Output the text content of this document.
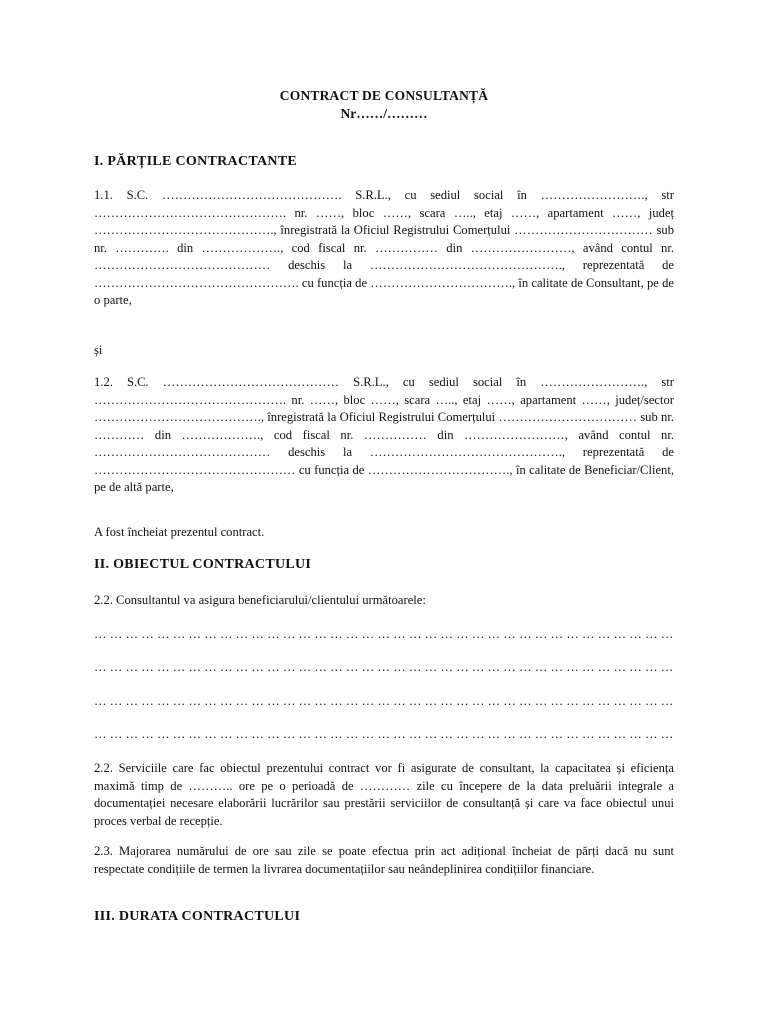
CONTRACT DE CONSULTANȚĂ

Nr……/………

I. PĂRȚILE CONTRACTANTE

1.1. S.C. ……………………………………. S.R.L., cu sediul social în ……………………., str ………………………………………. nr. ……, bloc ……, scara ….., etaj ……, apartament ……, județ ……………………………………., înregistrată la Oficiul Registrului Comerțului …………………………… sub nr. …………. din ………………., cod fiscal nr. …………… din ……………………, având contul nr. …………………………………… deschis la ………………………………………., reprezentată de …………………………………………. cu funcția de ……………………………., în calitate de Consultant, pe de o parte,

și

1.2. S.C. …………………………………… S.R.L., cu sediul social în ……………………., str ………………………………………. nr. ……, bloc ……, scara ….., etaj ……, apartament ……, județ/sector …………………………………., înregistrată la Oficiul Registrului Comerțului …………………………… sub nr. ………… din ………………., cod fiscal nr. …………… din ……………………, având contul nr. …………………………………… deschis la ………………………………………., reprezentată de ………………………………………… cu funcția de ……………………………., în calitate de Beneficiar/Client, pe de altă parte,

A fost încheiat prezentul contract.

II. OBIECTUL CONTRACTULUI

2.2. Consultantul va asigura beneficiarului/clientului următoarele:

… … … … … … … … … … … … … … … … … … … … … … … … … … … … … … … … … … … … …

… … … … … … … … … … … … … … … … … … … … … … … … … … … … … … … … … … … … …

… … … … … … … … … … … … … … … … … … … … … … … … … … … … … … … … … … … … …

… … … … … … … … … … … … … … … … … … … … … … … … … … … … … … … … … … … … …

2.2. Serviciile care fac obiectul prezentului contract vor fi asigurate de consultant, la capacitatea și eficiența maximă timp de ……….. ore pe o perioadă de ………… zile cu începere de la data preluării integrale a documentației necesare elaborării lucrărilor sau prestării serviciilor de consultanță și care va face obiectul unui proces verbal de recepție.

2.3. Majorarea numărului de ore sau zile se poate efectua prin act adițional încheiat de părți dacă nu sunt respectate condițiile de termen la livrarea documentațiilor sau neândeplinirea condițiilor financiare.

III. DURATA CONTRACTULUI
